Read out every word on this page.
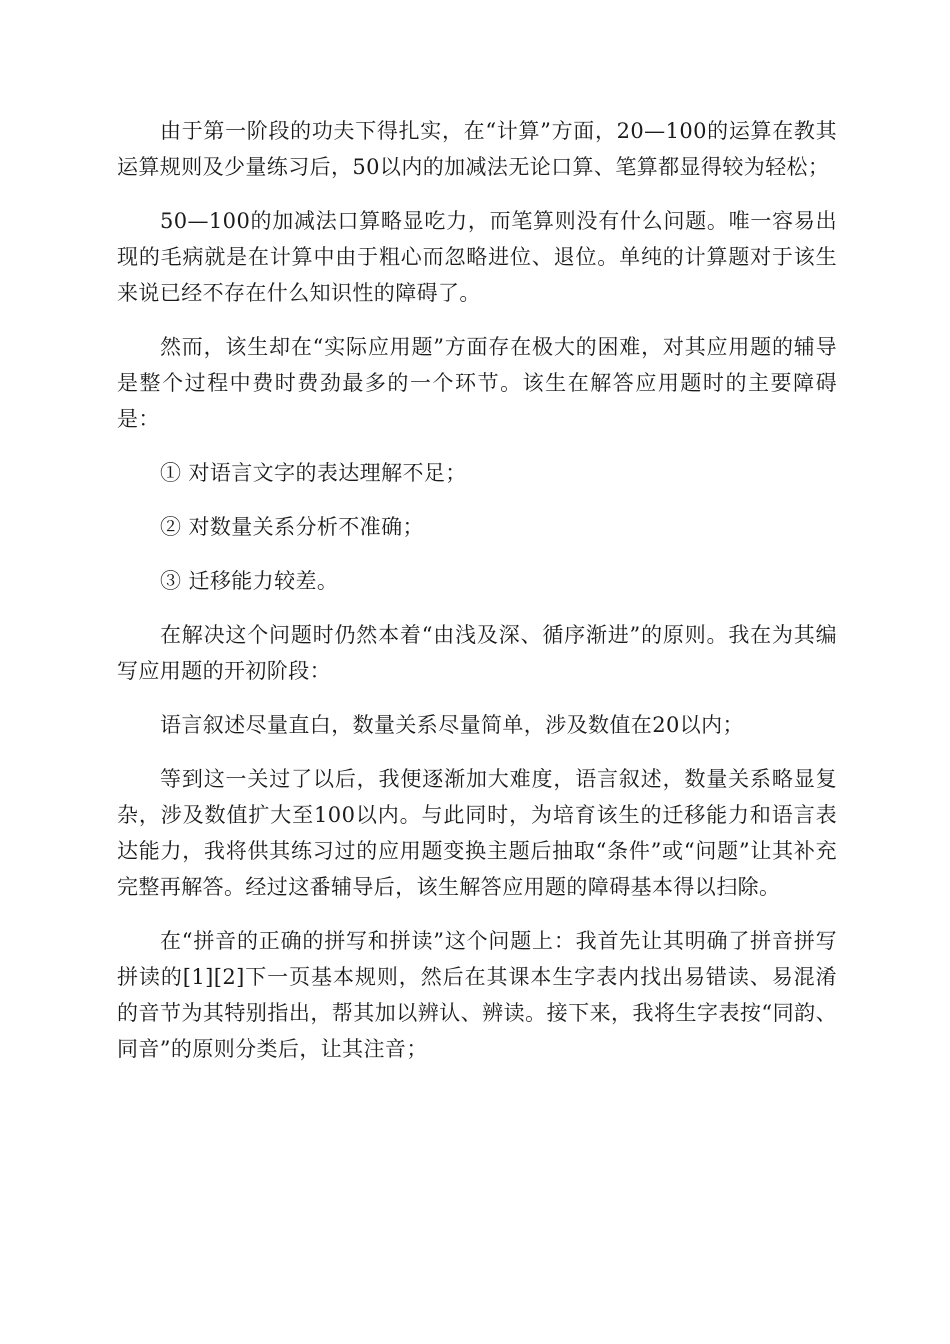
由于第一阶段的功夫下得扎实，在“计算”方面，20—100的运算在教其运算规则及少量练习后，50以内的加减法无论口算、笔算都显得较为轻松；

50—100的加减法口算略显吃力，而笔算则没有什么问题。唯一容易出现的毛病就是在计算中由于粗心而忽略进位、退位。单纯的计算题对于该生来说已经不存在什么知识性的障碍了。

然而，该生却在“实际应用题”方面存在极大的困难，对其应用题的辅导是整个过程中费时费劲最多的一个环节。该生在解答应用题时的主要障碍是：

① 对语言文字的表达理解不足；

② 对数量关系分析不准确；

③ 迁移能力较差。

在解决这个问题时仍然本着“由浅及深、循序渐进”的原则。我在为其编写应用题的开初阶段：

语言叙述尽量直白，数量关系尽量简单，涉及数值在20以内；

等到这一关过了以后，我便逐渐加大难度，语言叙述，数量关系略显复杂，涉及数值扩大至100以内。与此同时，为培育该生的迁移能力和语言表达能力，我将供其练习过的应用题变换主题后抽取“条件”或“问题”让其补充完整再解答。经过这番辅导后，该生解答应用题的障碍基本得以扫除。

在“拼音的正确的拼写和拼读”这个问题上：我首先让其明确了拼音拼写拼读的[1][2]下一页基本规则，然后在其课本生字表内找出易错读、易混淆的音节为其特别指出，帮其加以辨认、辨读。接下来，我将生字表按“同韵、同音”的原则分类后，让其注音；
